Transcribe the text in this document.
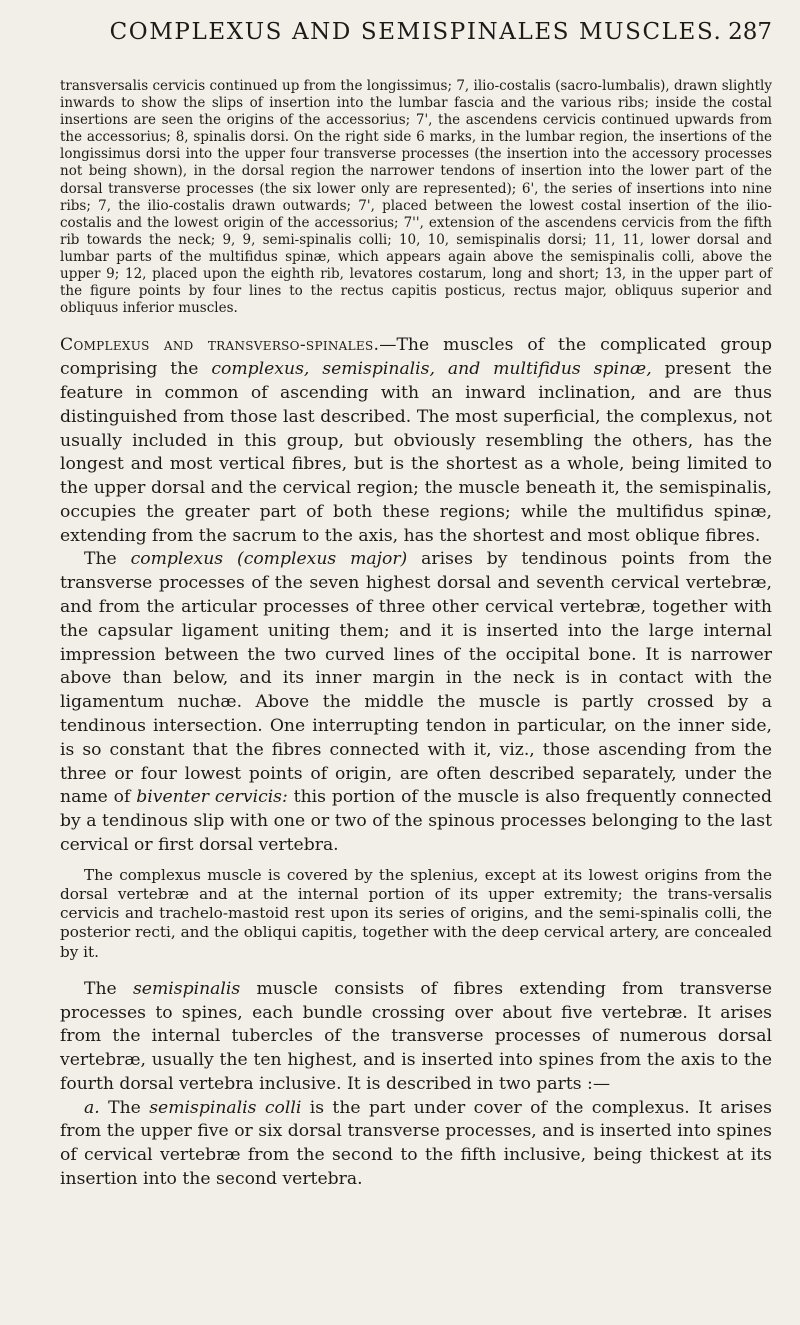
COMPLEXUS AND SEMISPINALES MUSCLES. 287

transversalis cervicis continued up from the longissimus; 7, ilio-costalis (sacro-lumbalis), drawn slightly inwards to show the slips of insertion into the lumbar fascia and the various ribs; inside the costal insertions are seen the origins of the accessorius; 7', the ascendens cervicis continued upwards from the accessorius; 8, spinalis dorsi. On the right side 6 marks, in the lumbar region, the insertions of the longissimus dorsi into the upper four transverse processes (the insertion into the accessory processes not being shown), in the dorsal region the narrower tendons of insertion into the lower part of the dorsal transverse processes (the six lower only are represented); 6', the series of insertions into nine ribs; 7, the ilio-costalis drawn outwards; 7', placed between the lowest costal insertion of the ilio-costalis and the lowest origin of the accessorius; 7'', extension of the ascendens cervicis from the fifth rib towards the neck; 9, 9, semi-spinalis colli; 10, 10, semispinalis dorsi; 11, 11, lower dorsal and lumbar parts of the multifidus spinæ, which appears again above the semispinalis colli, above the upper 9; 12, placed upon the eighth rib, levatores costarum, long and short; 13, in the upper part of the figure points by four lines to the rectus capitis posticus, rectus major, obliquus superior and obliquus inferior muscles.

Complexus and transverso-spinales.—The muscles of the complicated group comprising the complexus, semispinalis, and multifidus spinæ, present the feature in common of ascending with an inward inclination, and are thus distinguished from those last described. The most superficial, the complexus, not usually included in this group, but obviously resembling the others, has the longest and most vertical fibres, but is the shortest as a whole, being limited to the upper dorsal and the cervical region; the muscle beneath it, the semispinalis, occupies the greater part of both these regions; while the multifidus spinæ, extending from the sacrum to the axis, has the shortest and most oblique fibres.

The complexus (complexus major) arises by tendinous points from the transverse processes of the seven highest dorsal and seventh cervical vertebræ, and from the articular processes of three other cervical vertebræ, together with the capsular ligament uniting them; and it is inserted into the large internal impression between the two curved lines of the occipital bone. It is narrower above than below, and its inner margin in the neck is in contact with the ligamentum nuchæ. Above the middle the muscle is partly crossed by a tendinous intersection. One interrupting tendon in particular, on the inner side, is so constant that the fibres connected with it, viz., those ascending from the three or four lowest points of origin, are often described separately, under the name of biventer cervicis: this portion of the muscle is also frequently connected by a tendinous slip with one or two of the spinous processes belonging to the last cervical or first dorsal vertebra.

The complexus muscle is covered by the splenius, except at its lowest origins from the dorsal vertebræ and at the internal portion of its upper extremity; the trans-versalis cervicis and trachelo-mastoid rest upon its series of origins, and the semi-spinalis colli, the posterior recti, and the obliqui capitis, together with the deep cervical artery, are concealed by it.

The semispinalis muscle consists of fibres extending from transverse processes to spines, each bundle crossing over about five vertebræ. It arises from the internal tubercles of the transverse processes of numerous dorsal vertebræ, usually the ten highest, and is inserted into spines from the axis to the fourth dorsal vertebra inclusive. It is described in two parts :—

a. The semispinalis colli is the part under cover of the complexus. It arises from the upper five or six dorsal transverse processes, and is inserted into spines of cervical vertebræ from the second to the fifth inclusive, being thickest at its insertion into the second vertebra.
